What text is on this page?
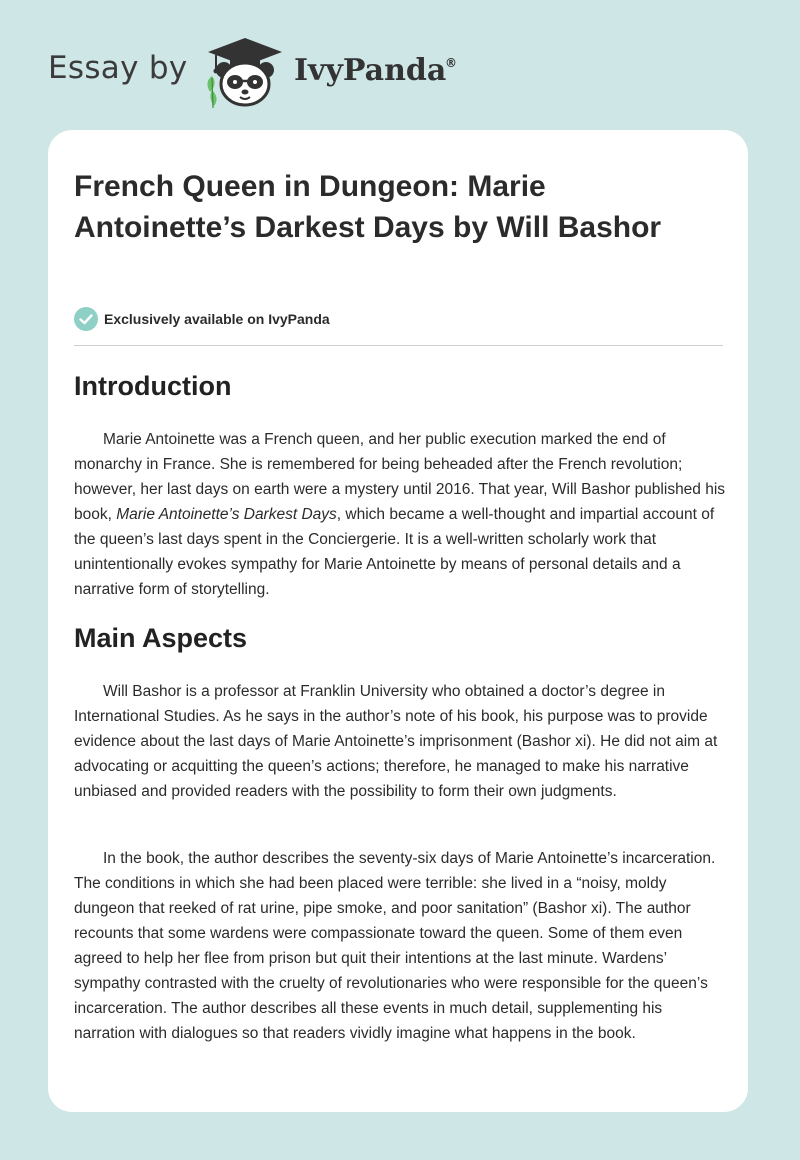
Essay by	IvyPanda
®
French Queen in Dungeon: Marie Antoinette’s Darkest Days by Will Bashor
Exclusively available on IvyPanda
Introduction

Marie Antoinette was a French queen, and her public execution marked the end of monarchy in France. She is remembered for being beheaded after the French revolution; however, her last days on earth were a mystery until 2016. That year, Will Bashor published his book, Marie Antoinette’s Darkest Days, which became a well-thought and impartial account of the queen’s last days spent in the Conciergerie. It is a well-written scholarly work that unintentionally evokes sympathy for Marie Antoinette by means of personal details and a narrative form of storytelling.

Main Aspects

Will Bashor is a professor at Franklin University who obtained a doctor’s degree in International Studies. As he says in the author’s note of his book, his purpose was to provide evidence about the last days of Marie Antoinette’s imprisonment (Bashor xi). He did not aim at advocating or acquitting the queen’s actions; therefore, he managed to make his narrative unbiased and provided readers with the possibility to form their own judgments.

In the book, the author describes the seventy-six days of Marie Antoinette’s incarceration. The conditions in which she had been placed were terrible: she lived in a “noisy, moldy dungeon that reeked of rat urine, pipe smoke, and poor sanitation” (Bashor xi). The author recounts that some wardens were compassionate toward the queen. Some of them even agreed to help her flee from prison but quit their intentions at the last minute. Wardens’ sympathy contrasted with the cruelty of revolutionaries who were responsible for the queen’s incarceration. The author describes all these events in much detail, supplementing his narration with dialogues so that readers vividly imagine what happens in the book.
